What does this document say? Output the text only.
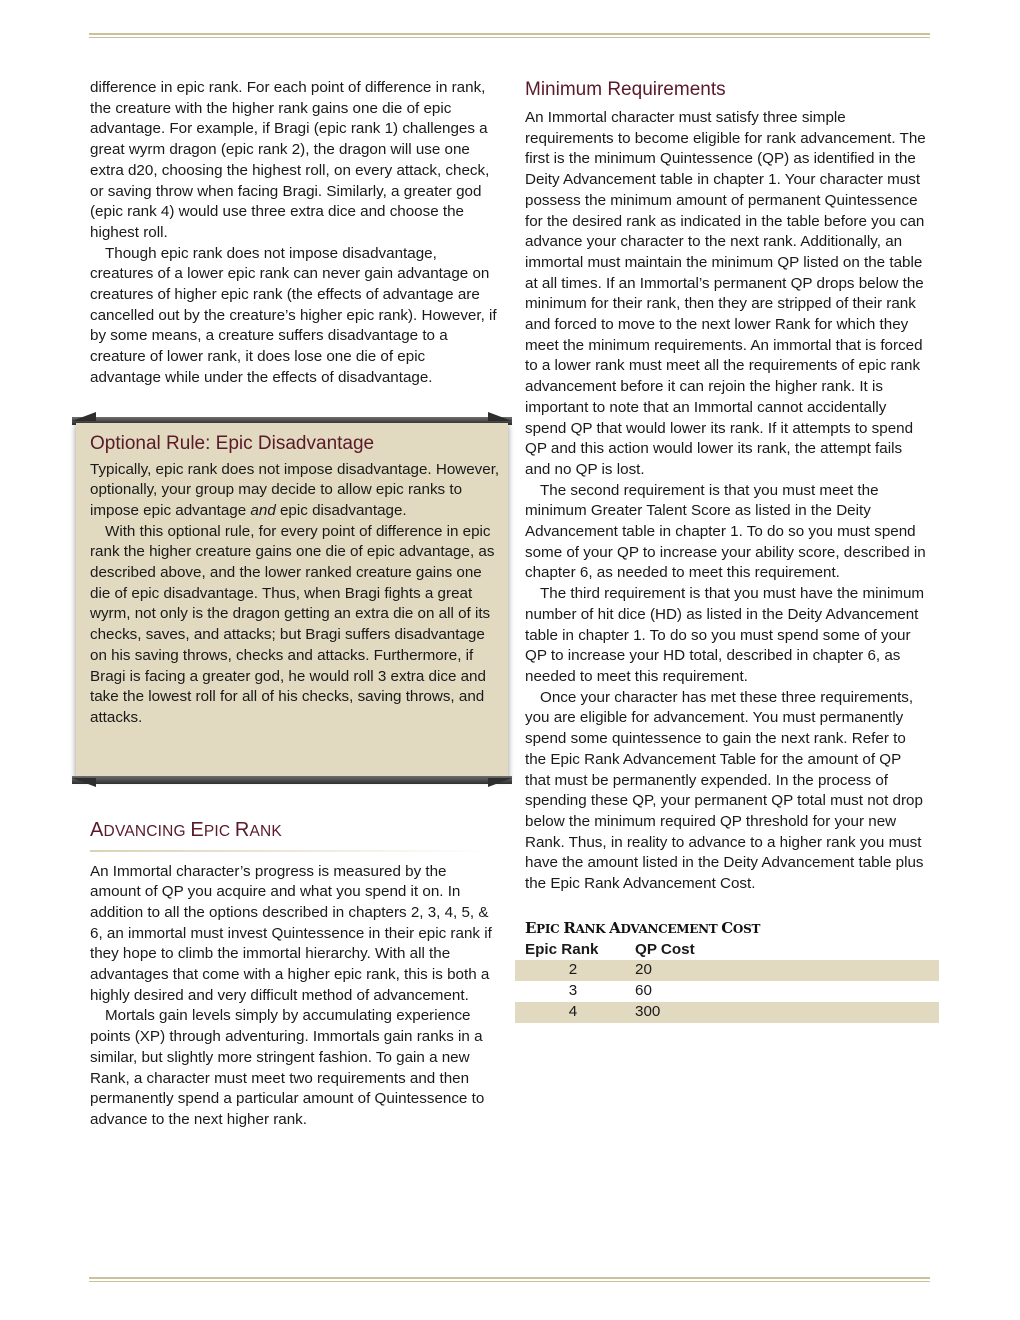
difference in epic rank. For each point of difference in rank, the creature with the higher rank gains one die of epic advantage. For example, if Bragi (epic rank 1) challenges a great wyrm dragon (epic rank 2), the dragon will use one extra d20, choosing the highest roll, on every attack, check, or saving throw when facing Bragi. Similarly, a greater god (epic rank 4) would use three extra dice and choose the highest roll.

Though epic rank does not impose disadvantage, creatures of a lower epic rank can never gain advantage on creatures of higher epic rank (the effects of advantage are cancelled out by the creature’s higher epic rank). However, if by some means, a creature suffers disadvantage to a creature of lower rank, it does lose one die of epic advantage while under the effects of disadvantage.

Optional Rule: Epic Disadvantage

Typically, epic rank does not impose disadvantage. However, optionally, your group may decide to allow epic ranks to impose epic advantage and epic disadvantage.

With this optional rule, for every point of difference in epic rank the higher creature gains one die of epic advantage, as described above, and the lower ranked creature gains one die of epic disadvantage. Thus, when Bragi fights a great wyrm, not only is the dragon getting an extra die on all of its checks, saves, and attacks; but Bragi suffers disadvantage on his saving throws, checks and attacks. Furthermore, if Bragi is facing a greater god, he would roll 3 extra dice and take the lowest roll for all of his checks, saving throws, and attacks.

ADVANCING EPIC RANK

An Immortal character’s progress is measured by the amount of QP you acquire and what you spend it on. In addition to all the options described in chapters 2, 3, 4, 5, & 6, an immortal must invest Quintessence in their epic rank if they hope to climb the immortal hierarchy. With all the advantages that come with a higher epic rank, this is both a highly desired and very difficult method of advancement.

Mortals gain levels simply by accumulating experience points (XP) through adventuring. Immortals gain ranks in a similar, but slightly more stringent fashion. To gain a new Rank, a character must meet two requirements and then permanently spend a particular amount of Quintessence to advance to the next higher rank.

Minimum Requirements

An Immortal character must satisfy three simple requirements to become eligible for rank advancement. The first is the minimum Quintessence (QP) as identified in the Deity Advancement table in chapter 1. Your character must possess the minimum amount of permanent Quintessence for the desired rank as indicated in the table before you can advance your character to the next rank. Additionally, an immortal must maintain the minimum QP listed on the table at all times. If an Immortal’s permanent QP drops below the minimum for their rank, then they are stripped of their rank and forced to move to the next lower Rank for which they meet the minimum requirements. An immortal that is forced to a lower rank must meet all the requirements of epic rank advancement before it can rejoin the higher rank. It is important to note that an Immortal cannot accidentally spend QP that would lower its rank. If it attempts to spend QP and this action would lower its rank, the attempt fails and no QP is lost.

The second requirement is that you must meet the minimum Greater Talent Score as listed in the Deity Advancement table in chapter 1. To do so you must spend some of your QP to increase your ability score, described in chapter 6, as needed to meet this requirement.

The third requirement is that you must have the minimum number of hit dice (HD) as listed in the Deity Advancement table in chapter 1. To do so you must spend some of your QP to increase your HD total, described in chapter 6, as needed to meet this requirement.

Once your character has met these three requirements, you are eligible for advancement. You must permanently spend some quintessence to gain the next rank. Refer to the Epic Rank Advancement Table for the amount of QP that must be permanently expended. In the process of spending these QP, your permanent QP total must not drop below the minimum required QP threshold for your new Rank. Thus, in reality to advance to a higher rank you must have the amount listed in the Deity Advancement table plus the Epic Rank Advancement Cost.

EPIC RANK ADVANCEMENT COST
Epic Rank	QP Cost
2	20
3	60
4	300
